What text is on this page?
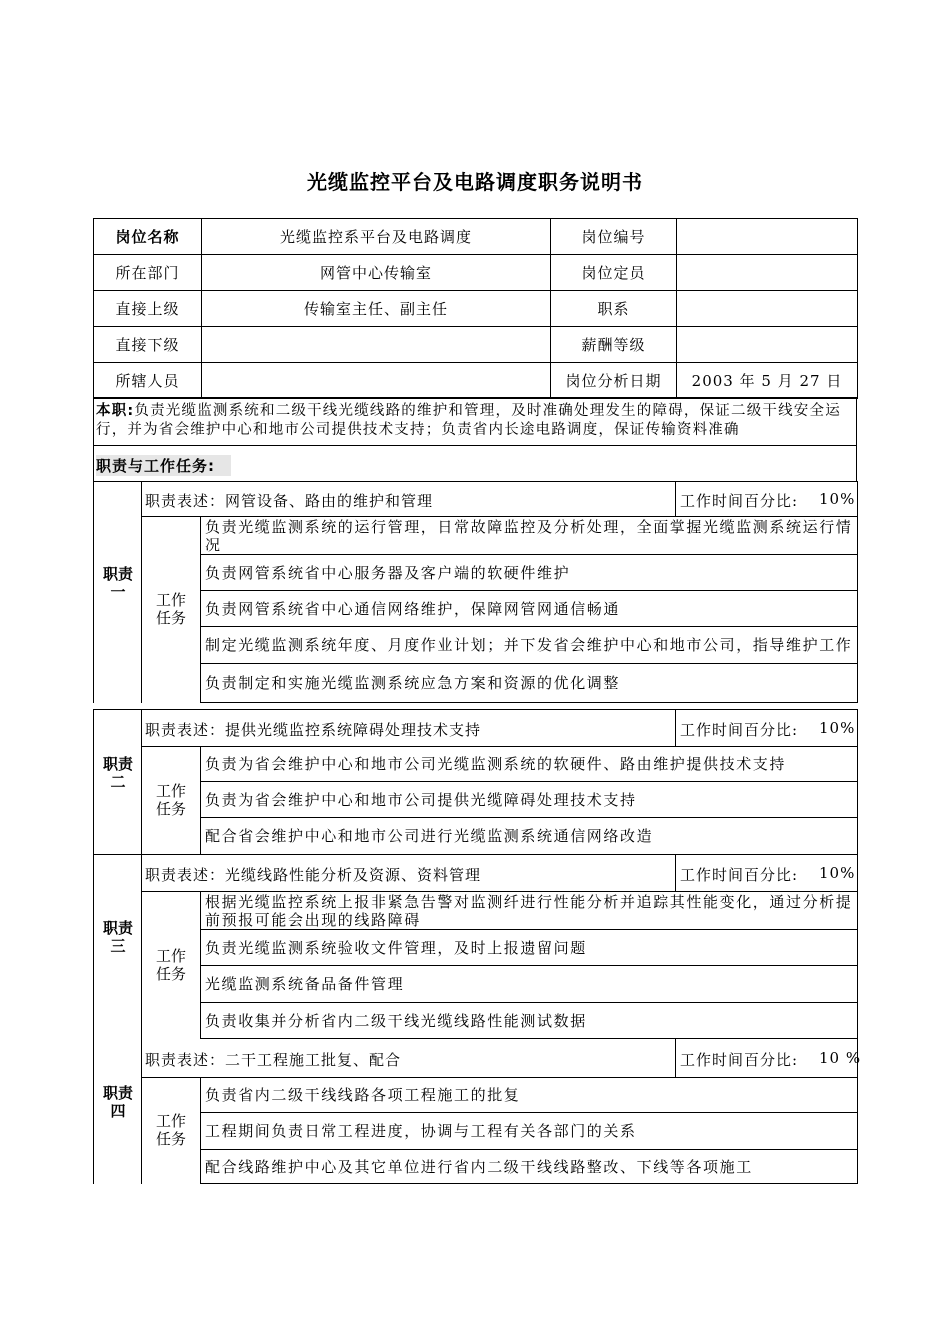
光缆监控平台及电路调度职务说明书
岗位名称	光缆监控系平台及电路调度	岗位编号	
所在部门	网管中心传输室	岗位定员	
直接上级	传输室主任、副主任	职系	
直接下级		薪酬等级	
所辖人员		岗位分析日期	2003 年 5 月 27 日
本职:负责光缆监测系统和二级干线光缆线路的维护和管理，及时准确处理发生的障碍，保证二级干线安全运行，并为省会维护中心和地市公司提供技术支持；负责省内长途电路调度，保证传输资料准确
职责与工作任务:
职责一
职责表述：网管设备、路由的维护和管理	工作时间百分比: 10%
工作任务
负责光缆监测系统的运行管理，日常故障监控及分析处理，全面掌握光缆监测系统运行情况
负责网管系统省中心服务器及客户端的软硬件维护
负责网管系统省中心通信网络维护，保障网管网通信畅通
制定光缆监测系统年度、月度作业计划；并下发省会维护中心和地市公司，指导维护工作
负责制定和实施光缆监测系统应急方案和资源的优化调整
职责二
职责表述：提供光缆监控系统障碍处理技术支持	工作时间百分比: 10%
工作任务
负责为省会维护中心和地市公司光缆监测系统的软硬件、路由维护提供技术支持
负责为省会维护中心和地市公司提供光缆障碍处理技术支持
配合省会维护中心和地市公司进行光缆监测系统通信网络改造
职责三
职责表述：光缆线路性能分析及资源、资料管理	工作时间百分比: 10%
工作任务
根据光缆监控系统上报非紧急告警对监测纤进行性能分析并追踪其性能变化，通过分析提前预报可能会出现的线路障碍
负责光缆监测系统验收文件管理，及时上报遗留问题
光缆监测系统备品备件管理
负责收集并分析省内二级干线光缆线路性能测试数据
职责四
职责表述：二干工程施工批复、配合	工作时间百分比: 10 %
工作任务
负责省内二级干线线路各项工程施工的批复
工程期间负责日常工程进度，协调与工程有关各部门的关系
配合线路维护中心及其它单位进行省内二级干线线路整改、下线等各项施工
